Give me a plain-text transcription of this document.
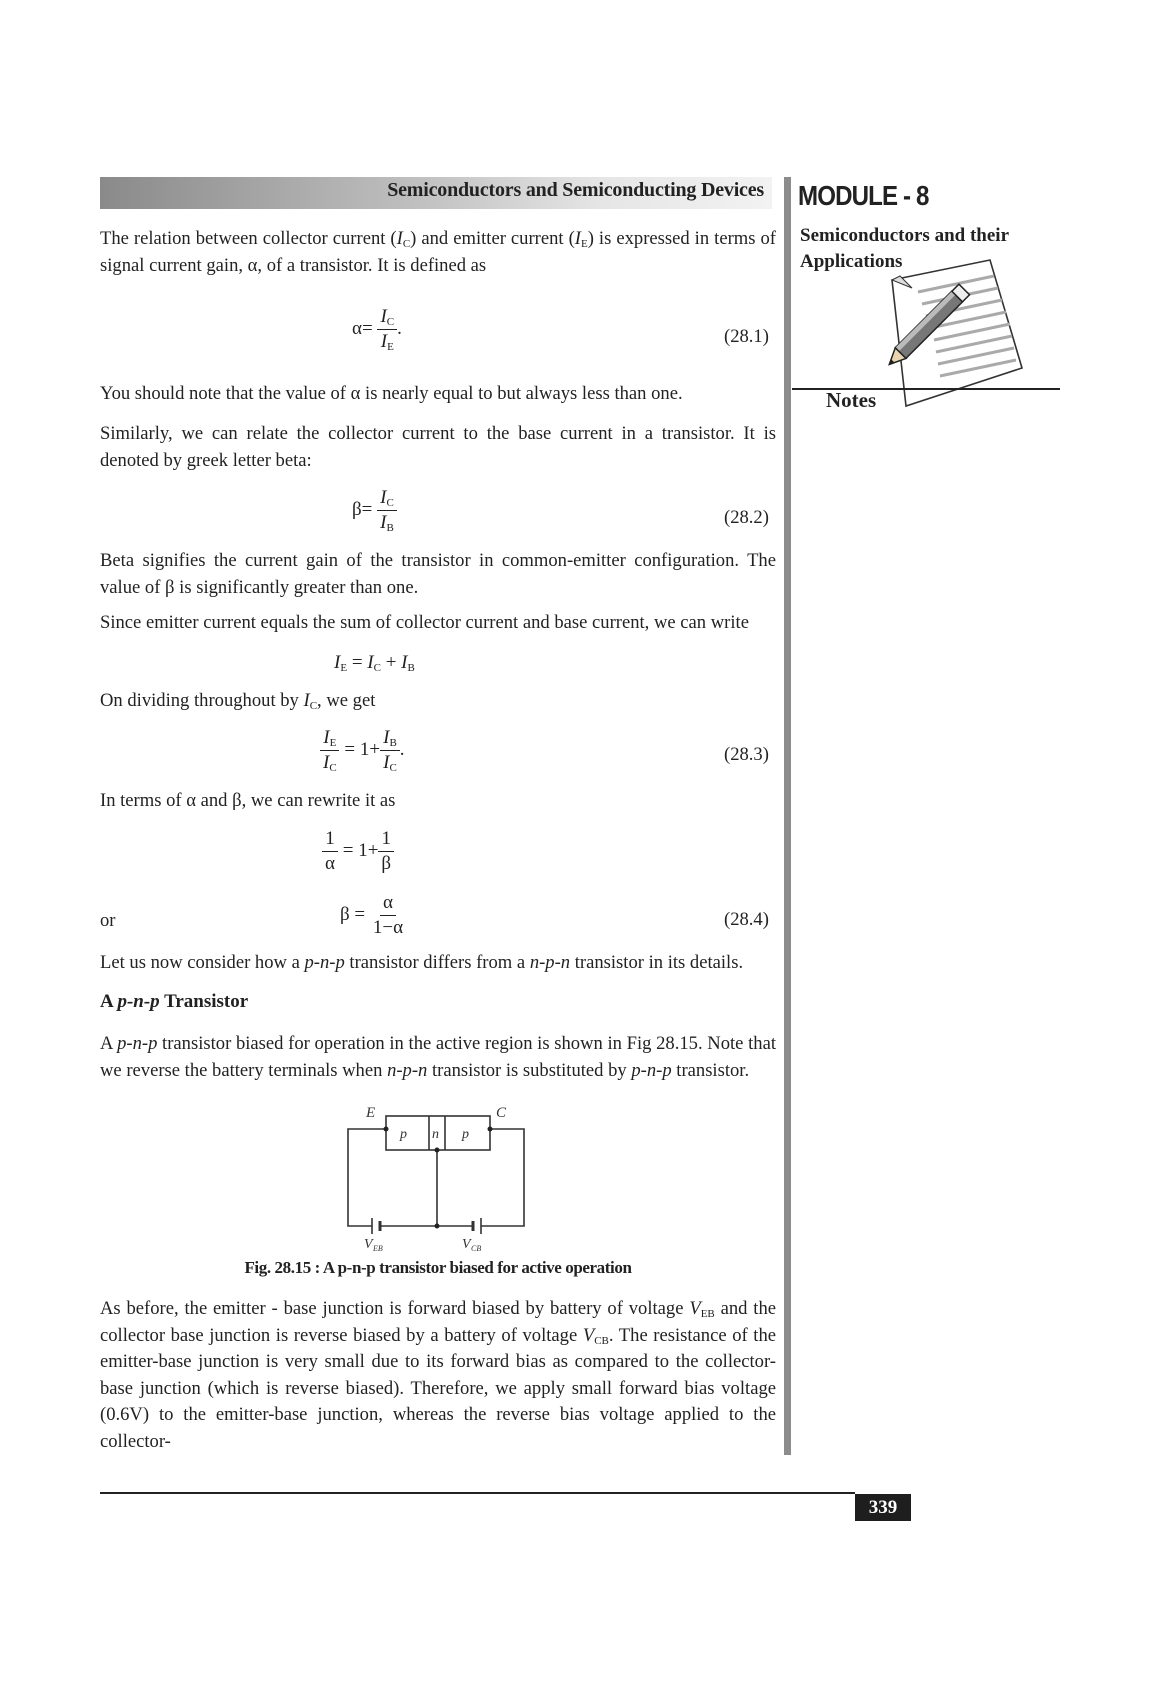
Semiconductors and Semiconducting Devices MODULE - 8
Semiconductors and their Applications
Notes
The relation between collector current $(I_C)$ and emitter current $(I_E)$ is expressed in terms of signal current gain, α, of a transistor. It is defined as
$\alpha= \frac{I_C}{I_E}$ .	(28.1)
You should note that the value of α is nearly equal to but always less than one.
Similarly, we can relate the collector current to the base current in a transistor. It is denoted by greek letter beta:
$\beta= \frac{I_C}{I_B}$	(28.2)
Beta signifies the current gain of the transistor in common-emitter configuration. The value of β is significantly greater than one.
Since emitter current equals the sum of collector current and base current, we can write
$I_E = I_C + I_B$
On dividing throughout by $I_C$, we get
$\frac{I_E}{I_C} = 1+ \frac{I_B}{I_C}$ .	(28.3)
In terms of α and β, we can rewrite it as
$\frac{1}{\alpha} = 1+ \frac{1}{\beta}$
or	$\beta = \frac{\alpha}{1-\alpha}$	(28.4)
Let us now consider how a p-n-p transistor differs from a n-p-n transistor in its details.
A p-n-p Transistor
A p-n-p transistor biased for operation in the active region is shown in Fig 28.15. Note that we reverse the battery terminals when n-p-n transistor is substituted by p-n-p transistor.
E	C
p n p
V EB	V CB
Fig. 28.15 : A p-n-p transistor biased for active operation
As before, the emitter - base junction is forward biased by battery of voltage $V_{EB}$ and the collector base junction is reverse biased by a battery of voltage $V_{CB}$. The resistance of the emitter-base junction is very small due to its forward bias as compared to the collector-base junction (which is reverse biased). Therefore, we apply small forward bias voltage (0.6V) to the emitter-base junction, whereas the reverse bias voltage applied to the collector-
339
